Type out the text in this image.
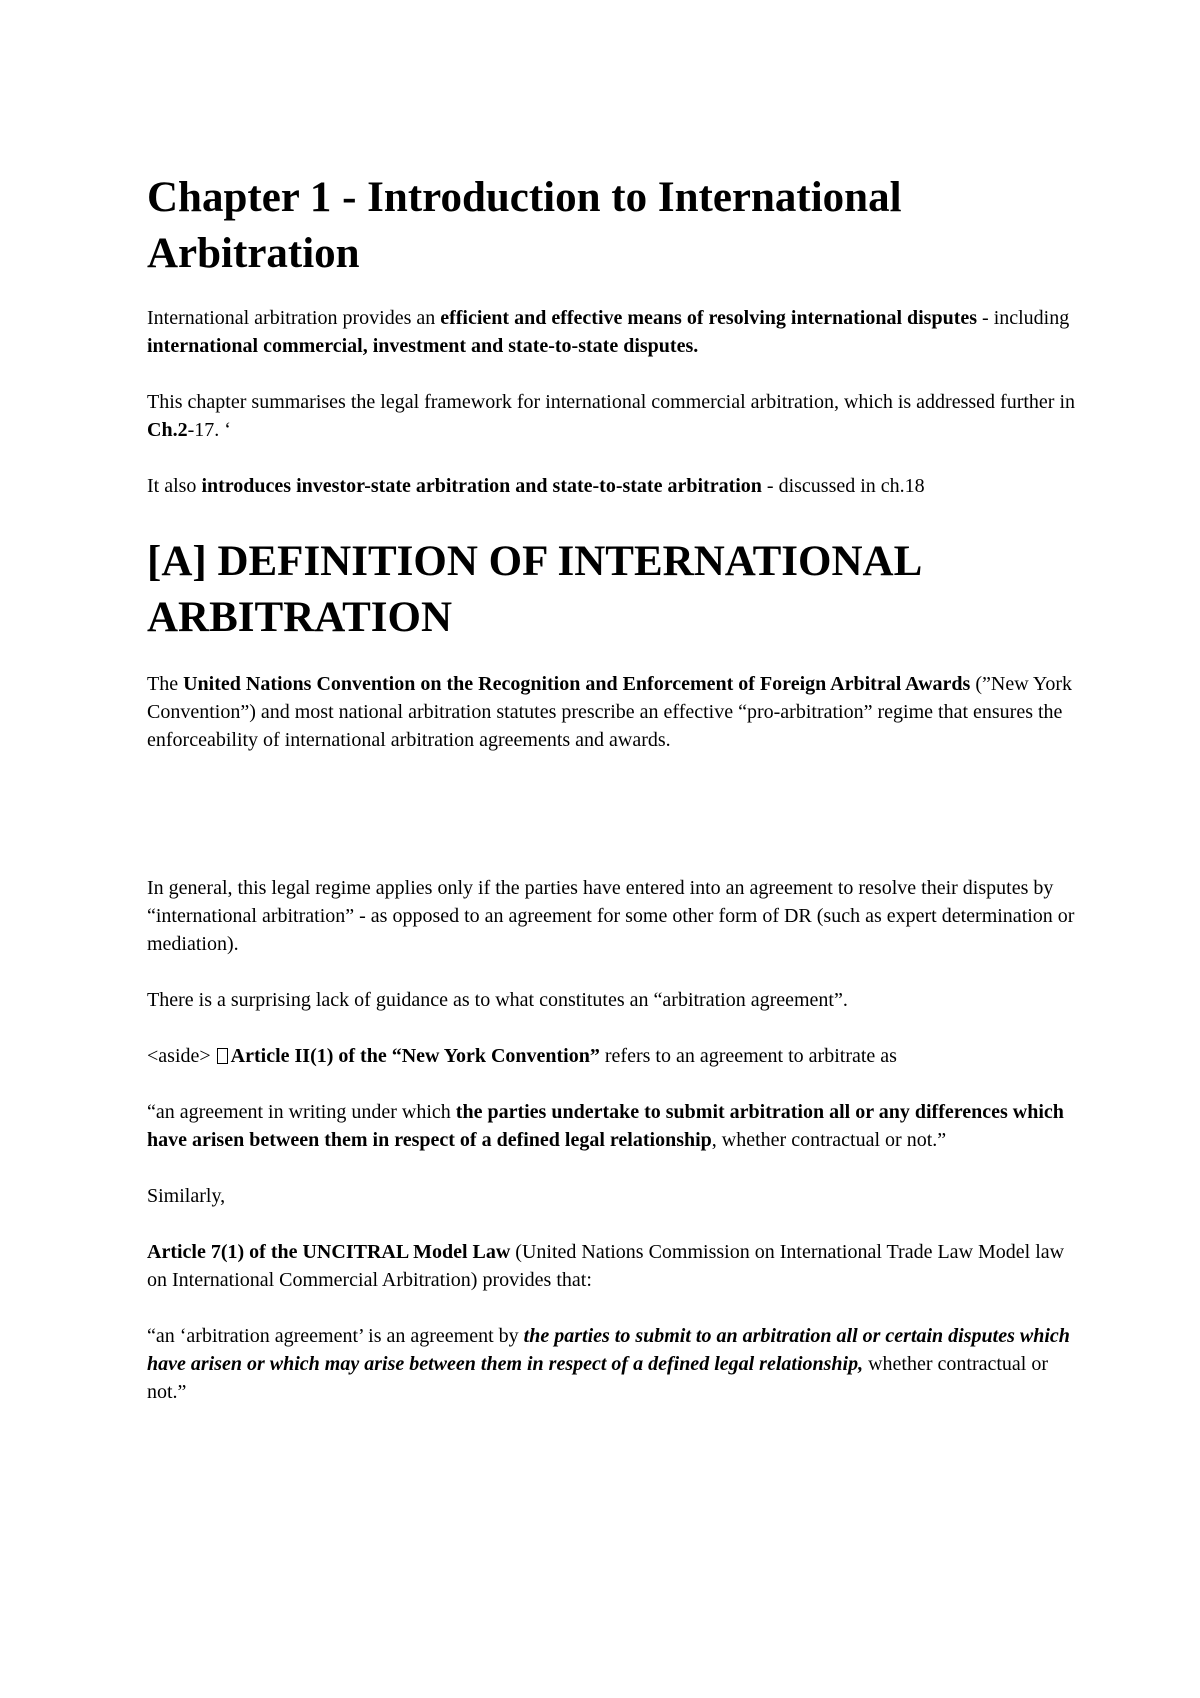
Chapter 1 - Introduction to International Arbitration

International arbitration provides an efficient and effective means of resolving international disputes - including international commercial, investment and state-to-state disputes.

This chapter summarises the legal framework for international commercial arbitration, which is addressed further in Ch.2-17. ‘

It also introduces investor-state arbitration and state-to-state arbitration - discussed in ch.18

[A] DEFINITION OF INTERNATIONAL ARBITRATION

The United Nations Convention on the Recognition and Enforcement of Foreign Arbitral Awards (”New York Convention”) and most national arbitration statutes prescribe an effective “pro-arbitration” regime that ensures the enforceability of international arbitration agreements and awards.

In general, this legal regime applies only if the parties have entered into an agreement to resolve their disputes by “international arbitration” - as opposed to an agreement for some other form of DR (such as expert determination or mediation).

There is a surprising lack of guidance as to what constitutes an “arbitration agreement”.

<aside> Article II(1) of the “New York Convention” refers to an agreement to arbitrate as

“an agreement in writing under which the parties undertake to submit arbitration all or any differences which have arisen between them in respect of a defined legal relationship, whether contractual or not.”

Similarly,

Article 7(1) of the UNCITRAL Model Law (United Nations Commission on International Trade Law Model law on International Commercial Arbitration) provides that:

“an ‘arbitration agreement’ is an agreement by the parties to submit to an arbitration all or certain disputes which have arisen or which may arise between them in respect of a defined legal relationship, whether contractual or not.”
